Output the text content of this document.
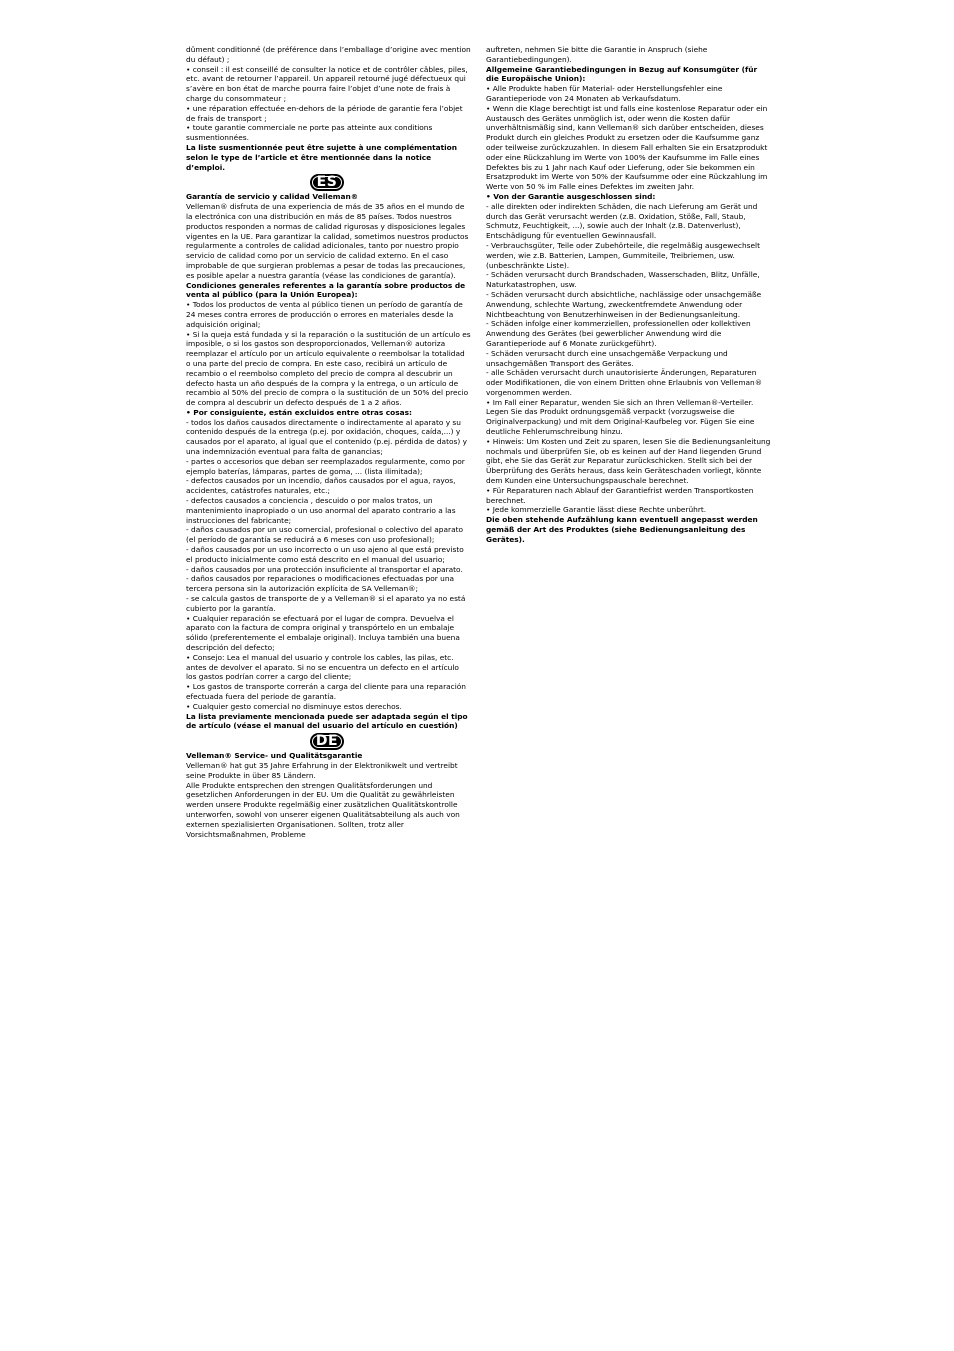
dûment conditionné (de préférence dans l’emballage d’origine avec mention du défaut) ;

• conseil : il est conseillé de consulter la notice et de contrôler câbles, piles, etc. avant de retourner l’appareil. Un appareil retourné jugé défectueux qui s’avère en bon état de marche pourra faire l’objet d’une note de frais à charge du consommateur ;

• une réparation effectuée en-dehors de la période de garantie fera l’objet de frais de transport ;

• toute garantie commerciale ne porte pas atteinte aux conditions susmentionnées.

La liste susmentionnée peut être sujette à une complémentation selon le type de l’article et être mentionnée dans la notice d’emploi.

ES

Garantía de servicio y calidad Velleman®

Velleman® disfruta de una experiencia de más de 35 años en el mundo de la electrónica con una distribución en más de 85 países. Todos nuestros productos responden a normas de calidad rigurosas y disposiciones legales vigentes en la UE. Para garantizar la calidad, sometimos nuestros productos regularmente a controles de calidad adicionales, tanto por nuestro propio servicio de calidad como por un servicio de calidad externo. En el caso improbable de que surgieran problemas a pesar de todas las precauciones, es posible apelar a nuestra garantía (véase las condiciones de garantía).

Condiciones generales referentes a la garantía sobre productos de venta al público (para la Unión Europea):

• Todos los productos de venta al público tienen un período de garantía de 24 meses contra errores de producción o errores en materiales desde la adquisición original;

• Si la queja está fundada y si la reparación o la sustitución de un artículo es imposible, o si los gastos son desproporcionados, Velleman® autoriza reemplazar el artículo por un artículo equivalente o reembolsar la totalidad o una parte del precio de compra. En este caso, recibirá un artículo de recambio o el reembolso completo del precio de compra al descubrir un defecto hasta un año después de la compra y la entrega, o un artículo de recambio al 50% del precio de compra o la sustitución de un 50% del precio de compra al descubrir un defecto después de 1 a 2 años.

• Por consiguiente, están excluidos entre otras cosas:

- todos los daños causados directamente o indirectamente al aparato y su contenido después de la entrega (p.ej. por oxidación, choques, caída,...) y causados por el aparato, al igual que el contenido (p.ej. pérdida de datos) y una indemnización eventual para falta de ganancias;

- partes o accesorios que deban ser reemplazados regularmente, como por ejemplo baterías, lámparas, partes de goma, ... (lista ilimitada);

- defectos causados por un incendio, daños causados por el agua, rayos, accidentes, catástrofes naturales, etc.;

- defectos causados a conciencia , descuido o por malos tratos, un mantenimiento inapropiado o un uso anormal del aparato contrario a las instrucciones del fabricante;

- daños causados por un uso comercial, profesional o colectivo del aparato (el período de garantía se reducirá a 6 meses con uso profesional);

- daños causados por un uso incorrecto o un uso ajeno al que está previsto el producto inicialmente como está descrito en el manual del usuario;

- daños causados por una protección insuficiente al transportar el aparato.

- daños causados por reparaciones o modificaciones efectuadas por una tercera persona sin la autorización explícita de SA Velleman®;

- se calcula gastos de transporte de y a Velleman® si el aparato ya no está cubierto por la garantía.

• Cualquier reparación se efectuará por el lugar de compra. Devuelva el aparato con la factura de compra original y transpórtelo en un embalaje sólido (preferentemente el embalaje original). Incluya también una buena descripción del defecto;

• Consejo: Lea el manual del usuario y controle los cables, las pilas, etc. antes de devolver el aparato. Si no se encuentra un defecto en el artículo los gastos podrían correr a cargo del cliente;

• Los gastos de transporte correrán a carga del cliente para una reparación efectuada fuera del periode de garantía.

• Cualquier gesto comercial no disminuye estos derechos.

La lista previamente mencionada puede ser adaptada según el tipo de artículo (véase el manual del usuario del artículo en cuestión)

DE

Velleman® Service- und Qualitätsgarantie

Velleman® hat gut 35 Jahre Erfahrung in der Elektronikwelt und vertreibt seine Produkte in über 85 Ländern.

Alle Produkte entsprechen den strengen Qualitätsforderungen und gesetzlichen Anforderungen in der EU. Um die Qualität zu gewährleisten werden unsere Produkte regelmäßig einer zusätzlichen Qualitätskontrolle unterworfen, sowohl von unserer eigenen Qualitätsabteilung als auch von externen spezialisierten Organisationen. Sollten, trotz aller Vorsichtsmaßnahmen, Probleme

auftreten, nehmen Sie bitte die Garantie in Anspruch (siehe Garantiebedingungen).

Allgemeine Garantiebedingungen in Bezug auf Konsumgüter (für die Europäische Union):

• Alle Produkte haben für Material- oder Herstellungsfehler eine Garantieperiode von 24 Monaten ab Verkaufsdatum.

• Wenn die Klage berechtigt ist und falls eine kostenlose Reparatur oder ein Austausch des Gerätes unmöglich ist, oder wenn die Kosten dafür unverhältnismäßig sind, kann Velleman® sich darüber entscheiden, dieses Produkt durch ein gleiches Produkt zu ersetzen oder die Kaufsumme ganz oder teilweise zurückzuzahlen. In diesem Fall erhalten Sie ein Ersatzprodukt oder eine Rückzahlung im Werte von 100% der Kaufsumme im Falle eines Defektes bis zu 1 Jahr nach Kauf oder Lieferung, oder Sie bekommen ein Ersatzprodukt im Werte von 50% der Kaufsumme oder eine Rückzahlung im Werte von 50 % im Falle eines Defektes im zweiten Jahr.

• Von der Garantie ausgeschlossen sind:

- alle direkten oder indirekten Schäden, die nach Lieferung am Gerät und durch das Gerät verursacht werden (z.B. Oxidation, Stöße, Fall, Staub, Schmutz, Feuchtigkeit, ...), sowie auch der Inhalt (z.B. Datenverlust), Entschädigung für eventuellen Gewinnausfall.

- Verbrauchsgüter, Teile oder Zubehörteile, die regelmäßig ausgewechselt werden, wie z.B. Batterien, Lampen, Gummiteile, Treibriemen, usw. (unbeschränkte Liste).

- Schäden verursacht durch Brandschaden, Wasserschaden, Blitz, Unfälle, Naturkatastrophen, usw.

- Schäden verursacht durch absichtliche, nachlässige oder unsachgemäße Anwendung, schlechte Wartung, zweckentfremdete Anwendung oder Nichtbeachtung von Benutzerhinweisen in der Bedienungsanleitung.

- Schäden infolge einer kommerziellen, professionellen oder kollektiven Anwendung des Gerätes (bei gewerblicher Anwendung wird die Garantieperiode auf 6 Monate zurückgeführt).

- Schäden verursacht durch eine unsachgemäße Verpackung und unsachgemäßen Transport des Gerätes.

- alle Schäden verursacht durch unautorisierte Änderungen, Reparaturen oder Modifikationen, die von einem Dritten ohne Erlaubnis von Velleman® vorgenommen werden.

• Im Fall einer Reparatur, wenden Sie sich an Ihren Velleman®-Verteiler. Legen Sie das Produkt ordnungsgemäß verpackt (vorzugsweise die Originalverpackung) und mit dem Original-Kaufbeleg vor. Fügen Sie eine deutliche Fehlerumschreibung hinzu.

• Hinweis: Um Kosten und Zeit zu sparen, lesen Sie die Bedienungsanleitung nochmals und überprüfen Sie, ob es keinen auf der Hand liegenden Grund gibt, ehe Sie das Gerät zur Reparatur zurückschicken. Stellt sich bei der Überprüfung des Geräts heraus, dass kein Geräteschaden vorliegt, könnte dem Kunden eine Untersuchungspauschale berechnet.

• Für Reparaturen nach Ablauf der Garantiefrist werden Transportkosten berechnet.

• Jede kommerzielle Garantie lässt diese Rechte unberührt.

Die oben stehende Aufzählung kann eventuell angepasst werden gemäß der Art des Produktes (siehe Bedienungsanleitung des Gerätes).
